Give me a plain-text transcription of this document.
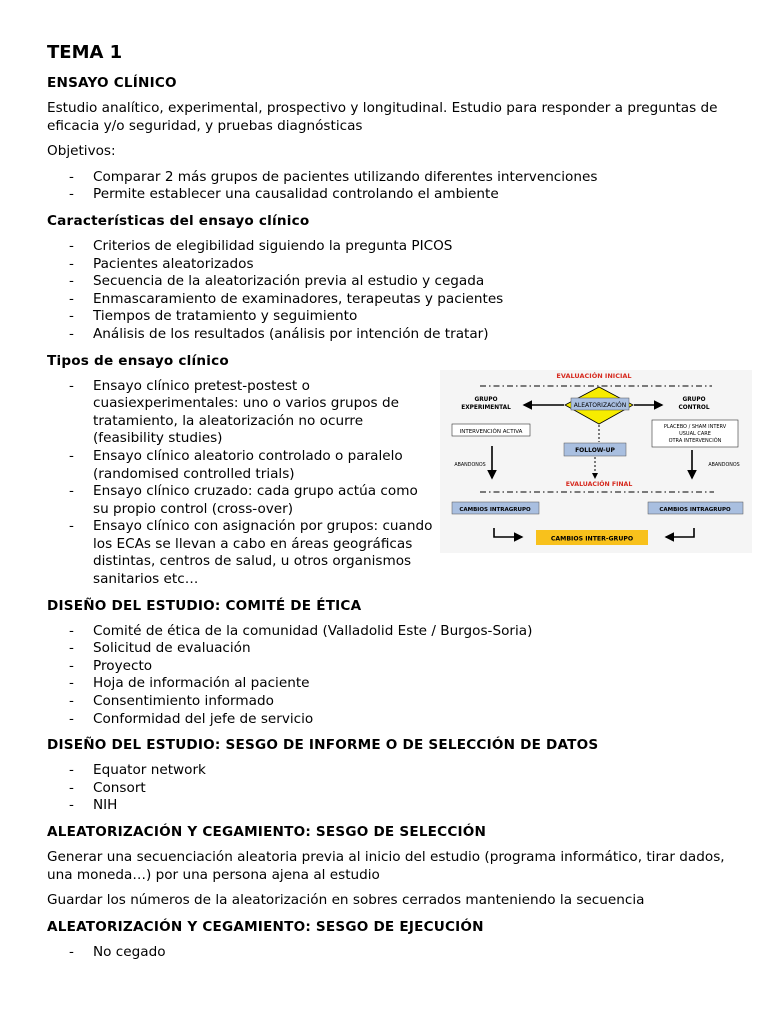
TEMA 1
ENSAYO CLÍNICO

Estudio analítico, experimental, prospectivo y longitudinal. Estudio para responder a preguntas de eficacia y/o seguridad, y pruebas diagnósticas

Objetivos:

- Comparar 2 más grupos de pacientes utilizando diferentes intervenciones
- Permite establecer una causalidad controlando el ambiente
Características del ensayo clínico
- Criterios de elegibilidad siguiendo la pregunta PICOS
- Pacientes aleatorizados
- Secuencia de la aleatorización previa al estudio y cegada
- Enmascaramiento de examinadores, terapeutas y pacientes
- Tiempos de tratamiento y seguimiento
- Análisis de los resultados (análisis por intención de tratar)
Tipos de ensayo clínico
- Ensayo clínico pretest-postest o cuasiexperimentales: uno o varios grupos de tratamiento, la aleatorización no ocurre (feasibility studies)
- Ensayo clínico aleatorio controlado o paralelo (randomised controlled trials)
- Ensayo clínico cruzado: cada grupo actúa como su propio control (cross-over)
- Ensayo clínico con asignación por grupos: cuando los ECAs se llevan a cabo en áreas geográficas distintas, centros de salud, u otros organismos sanitarios etc…
EVALUACIÓN INICIAL
GRUPO
EXPERIMENTAL	ALEATORIZACIÓN
GRUPO
CONTROL
INTERVENCIÓN ACTIVA
PLACEBO / SHAM INTERV
USUAL CARE
OTRA INTERVENCIÓN
FOLLOW-UP
ABANDONOS	ABANDONOS
EVALUACIÓN FINAL
CAMBIOS INTRAGRUPO	CAMBIOS INTRAGRUPO
CAMBIOS INTER-GRUPO
DISEÑO DEL ESTUDIO: COMITÉ DE ÉTICA
- Comité de ética de la comunidad (Valladolid Este / Burgos-Soria)
- Solicitud de evaluación
- Proyecto
- Hoja de información al paciente
- Consentimiento informado
- Conformidad del jefe de servicio
DISEÑO DEL ESTUDIO: SESGO DE INFORME O DE SELECCIÓN DE DATOS
- Equator network
- Consort
- NIH
ALEATORIZACIÓN Y CEGAMIENTO: SESGO DE SELECCIÓN

Generar una secuenciación aleatoria previa al inicio del estudio (programa informático, tirar dados, una moneda…) por una persona ajena al estudio

Guardar los números de la aleatorización en sobres cerrados manteniendo la secuencia

ALEATORIZACIÓN Y CEGAMIENTO: SESGO DE EJECUCIÓN
- No cegado
